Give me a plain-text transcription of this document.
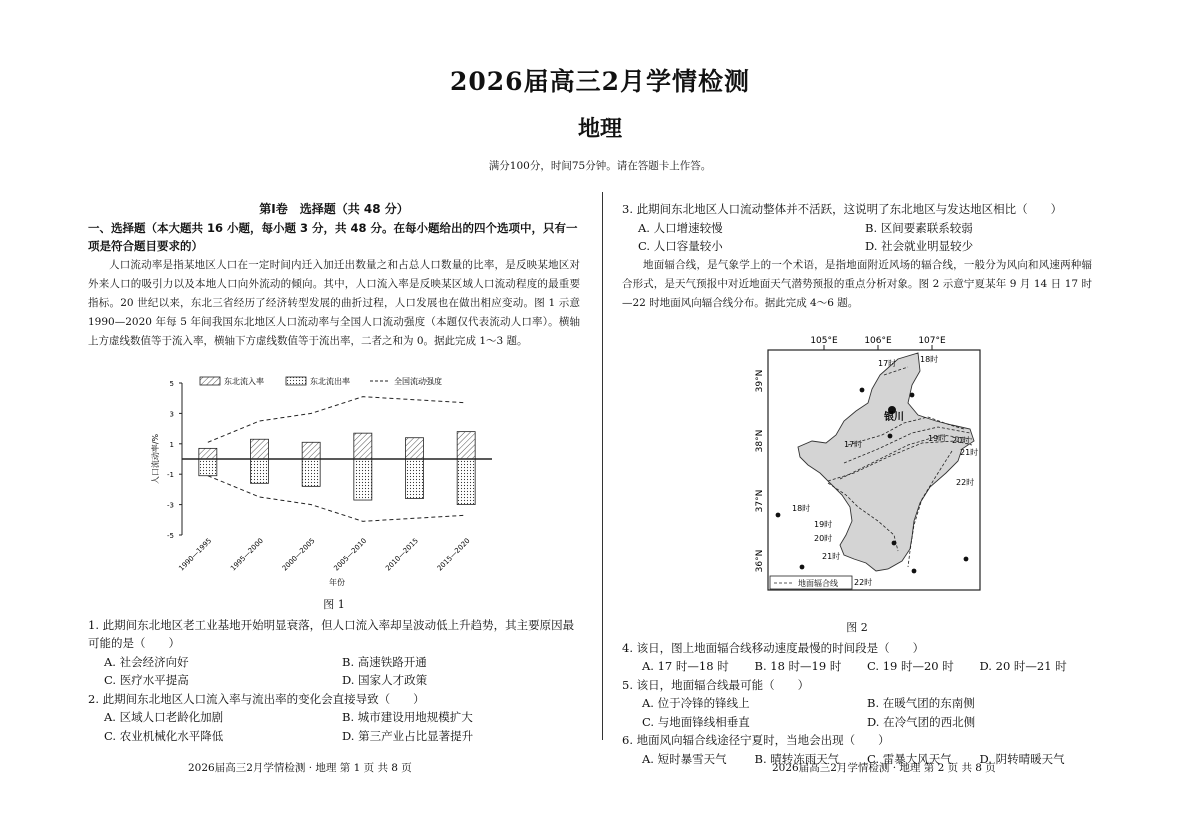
2026届高三2月学情检测
地理
满分100分，时间75分钟。请在答题卡上作答。
第Ⅰ卷　选择题（共 48 分）
一、选择题（本大题共 16 小题，每小题 3 分，共 48 分。在每小题给出的四个选项中，只有一项是符合题目要求的）
人口流动率是指某地区人口在一定时间内迁入加迁出数量之和占总人口数量的比率，是反映某地区对外来人口的吸引力以及本地人口向外流动的倾向。其中，人口流入率是反映某区域人口流动程度的最重要指标。20 世纪以来，东北三省经历了经济转型发展的曲折过程，人口发展也在做出相应变动。图 1 示意 1990—2020 年每 5 年间我国东北地区人口流动率与全国人口流动强度（本题仅代表流动人口率）。横轴上方虚线数值等于流入率，横轴下方虚线数值等于流出率，二者之和为 0。据此完成 1～3 题。
东北流入率	东北流出率	全国流动强度
5
3
1
-1
-3
-5
人口流动率/%
年份
1990—1995 1995—2000 2000—2005 2005—2010 2010—2015 2015—2020
图 1
1. 此期间东北地区老工业基地开始明显衰落，但人口流入率却呈波动低上升趋势，其主要原因最可能的是（　　）
A. 社会经济向好	B. 高速铁路开通
C. 医疗水平提高	D. 国家人才政策
2. 此期间东北地区人口流入率与流出率的变化会直接导致（　　）
A. 区域人口老龄化加剧	B. 城市建设用地规模扩大
C. 农业机械化水平降低	D. 第三产业占比显著提升
3. 此期间东北地区人口流动整体并不活跃，这说明了东北地区与发达地区相比（　　）
A. 人口增速较慢	B. 区间要素联系较弱
C. 人口容量较小	D. 社会就业明显较少
地面辐合线，是气象学上的一个术语，是指地面附近风场的辐合线，一般分为风向和风速两种辐合形式，是天气预报中对近地面天气潜势预报的重点分析对象。图 2 示意宁夏某年 9 月 14 日 17 时—22 时地面风向辐合线分布。据此完成 4～6 题。
105°E	106°E	107°E
39°N
38°N
37°N
36°N
银川
17时	18时
17时
19时 20时
21时
22时
18时
19时
20时
21时
22时
地面辐合线
图 2
4. 该日，图上地面辐合线移动速度最慢的时间段是（　　）
A. 17 时—18 时	B. 18 时—19 时	C. 19 时—20 时	D. 20 时—21 时
5. 该日，地面辐合线最可能（　　）
A. 位于冷锋的锋线上	B. 在暖气团的东南侧
C. 与地面锋线相垂直	D. 在冷气团的西北侧
6. 地面风向辐合线途径宁夏时，当地会出现（　　）
A. 短时暴雪天气	B. 晴转冻雨天气	C. 雷暴大风天气	D. 阴转晴暖天气
2026届高三2月学情检测 · 地理 第 1 页 共 8 页	2026届高三2月学情检测 · 地理 第 2 页 共 8 页
